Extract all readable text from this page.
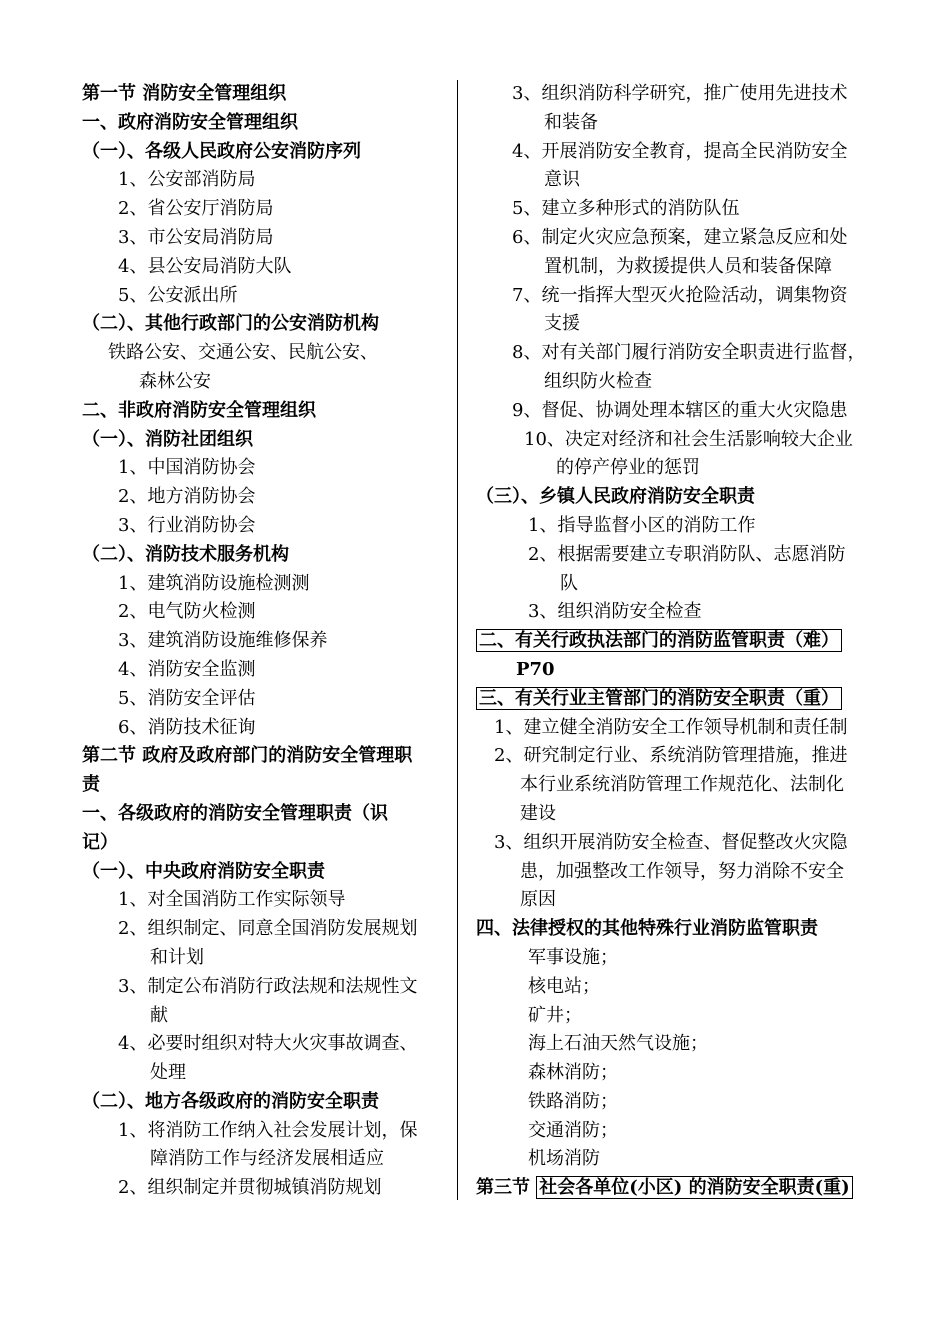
第一节 消防安全管理组织
一、政府消防安全管理组织
（一）、各级人民政府公安消防序列
1、公安部消防局
2、省公安厅消防局
3、市公安局消防局
4、县公安局消防大队
5、公安派出所
（二）、其他行政部门的公安消防机构
铁路公安、交通公安、民航公安、
森林公安
二、非政府消防安全管理组织
（一）、消防社团组织
1、中国消防协会
2、地方消防协会
3、行业消防协会
（二）、消防技术服务机构
1、建筑消防设施检测测
2、电气防火检测
3、建筑消防设施维修保养
4、消防安全监测
5、消防安全评估
6、消防技术征询
第二节 政府及政府部门的消防安全管理职
责
一、各级政府的消防安全管理职责（识
记）
（一）、中央政府消防安全职责
1、对全国消防工作实际领导
2、组织制定、同意全国消防发展规划
和计划
3、制定公布消防行政法规和法规性文
献
4、必要时组织对特大火灾事故调查、
处理
（二）、地方各级政府的消防安全职责
1、将消防工作纳入社会发展计划，保
障消防工作与经济发展相适应
2、组织制定并贯彻城镇消防规划
3、组织消防科学研究，推广使用先进技术
和装备
4、开展消防安全教育，提高全民消防安全
意识
5、建立多种形式的消防队伍
6、制定火灾应急预案，建立紧急反应和处
置机制，为救援提供人员和装备保障
7、统一指挥大型灭火抢险活动，调集物资
支援
8、对有关部门履行消防安全职责进行监督，
组织防火检查
9、督促、协调处理本辖区的重大火灾隐患
10、决定对经济和社会生活影响较大企业
的停产停业的惩罚
（三）、乡镇人民政府消防安全职责
1、指导监督小区的消防工作
2、根据需要建立专职消防队、志愿消防
队
3、组织消防安全检查
二、有关行政执法部门的消防监管职责（难）
P70
三、有关行业主管部门的消防安全职责（重）
1、建立健全消防安全工作领导机制和责任制
2、研究制定行业、系统消防管理措施，推进
本行业系统消防管理工作规范化、法制化
建设
3、组织开展消防安全检查、督促整改火灾隐
患，加强整改工作领导，努力消除不安全
原因
四、法律授权的其他特殊行业消防监管职责
军事设施；
核电站；
矿井；
海上石油天然气设施；
森林消防；
铁路消防；
交通消防；
机场消防
第三节 社会各单位(小区) 的消防安全职责(重)
